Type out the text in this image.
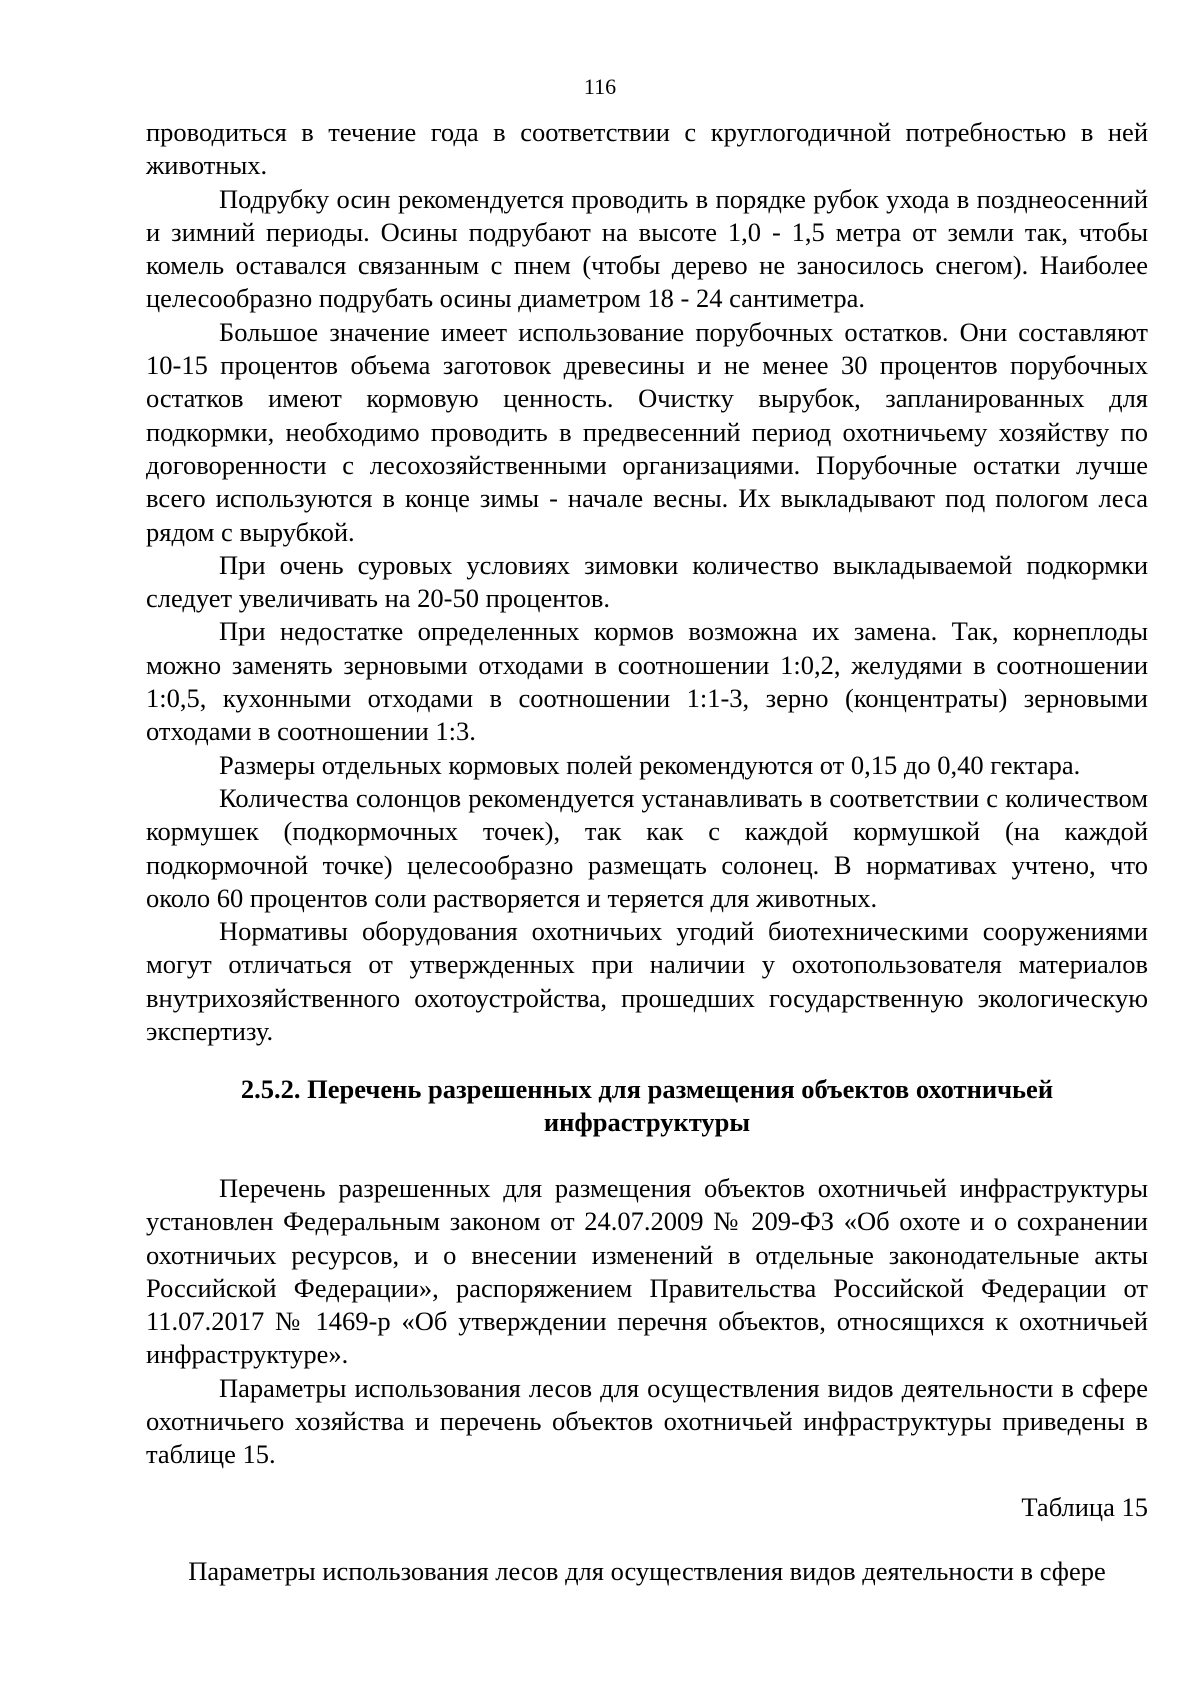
116

проводиться в течение года в соответствии с круглогодичной потребностью в ней животных.

Подрубку осин рекомендуется проводить в порядке рубок ухода в позднеосенний и зимний периоды. Осины подрубают на высоте 1,0 - 1,5 метра от земли так, чтобы комель оставался связанным с пнем (чтобы дерево не заносилось снегом). Наиболее целесообразно подрубать осины диаметром 18 - 24 сантиметра.

Большое значение имеет использование порубочных остатков. Они составляют 10-15 процентов объема заготовок древесины и не менее 30 процентов порубочных остатков имеют кормовую ценность. Очистку вырубок, запланированных для подкормки, необходимо проводить в предвесенний период охотничьему хозяйству по договоренности с лесохозяйственными организациями. Порубочные остатки лучше всего используются в конце зимы - начале весны. Их выкладывают под пологом леса рядом с вырубкой.

При очень суровых условиях зимовки количество выкладываемой подкормки следует увеличивать на 20-50 процентов.

При недостатке определенных кормов возможна их замена. Так, корнеплоды можно заменять зерновыми отходами в соотношении 1:0,2, желудями в соотношении 1:0,5, кухонными отходами в соотношении 1:1-3, зерно (концентраты) зерновыми отходами в соотношении 1:3.

Размеры отдельных кормовых полей рекомендуются от 0,15 до 0,40 гектара.

Количества солонцов рекомендуется устанавливать в соответствии с количеством кормушек (подкормочных точек), так как с каждой кормушкой (на каждой подкормочной точке) целесообразно размещать солонец. В нормативах учтено, что около 60 процентов соли растворяется и теряется для животных.

Нормативы оборудования охотничьих угодий биотехническими сооружениями могут отличаться от утвержденных при наличии у охотопользователя материалов внутрихозяйственного охотоустройства, прошедших государственную экологическую экспертизу.

2.5.2. Перечень разрешенных для размещения объектов охотничьей инфраструктуры

Перечень разрешенных для размещения объектов охотничьей инфраструктуры установлен Федеральным законом от 24.07.2009 № 209-ФЗ «Об охоте и о сохранении охотничьих ресурсов, и о внесении изменений в отдельные законодательные акты Российской Федерации», распоряжением Правительства Российской Федерации от 11.07.2017 № 1469-р «Об утверждении перечня объектов, относящихся к охотничьей инфраструктуре».

Параметры использования лесов для осуществления видов деятельности в сфере охотничьего хозяйства и перечень объектов охотничьей инфраструктуры приведены в таблице 15.

Таблица 15

Параметры использования лесов для осуществления видов деятельности в сфере
